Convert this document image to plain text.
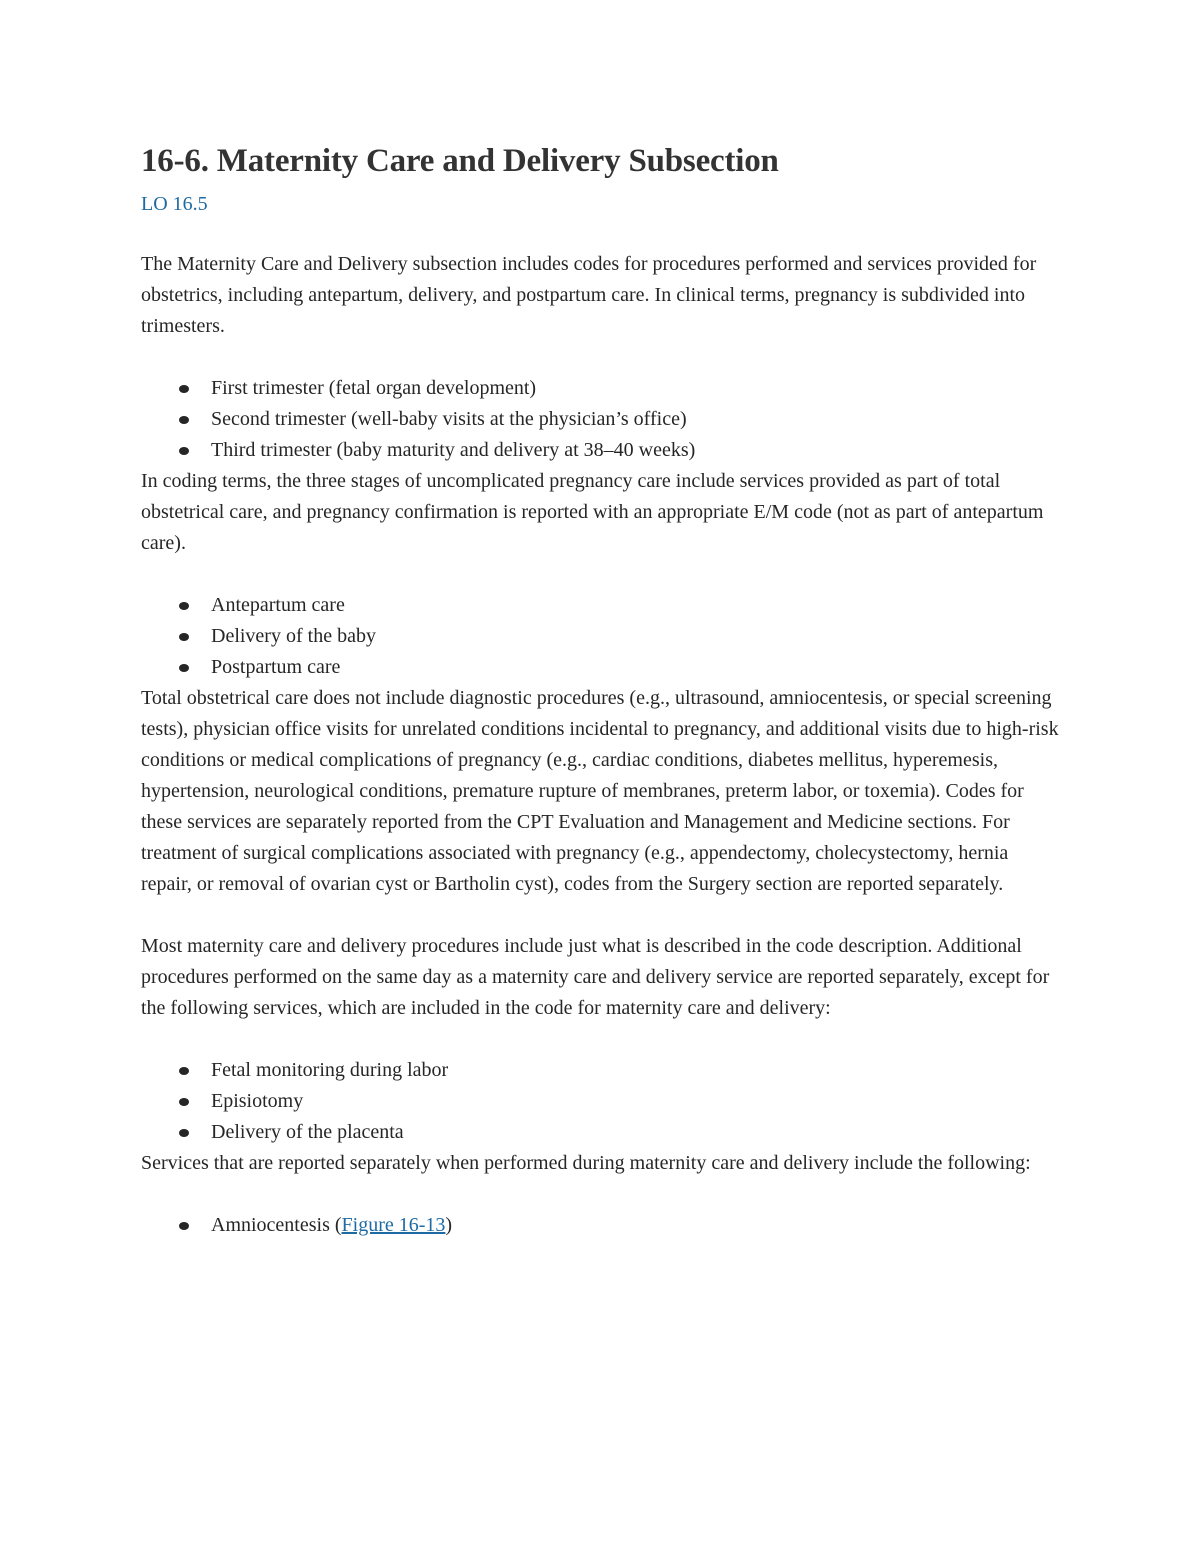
16-6. Maternity Care and Delivery Subsection
LO 16.5

The Maternity Care and Delivery subsection includes codes for procedures performed and services provided for obstetrics, including antepartum, delivery, and postpartum care. In clinical terms, pregnancy is subdivided into trimesters.

First trimester (fetal organ development)
Second trimester (well-baby visits at the physician’s office)
Third trimester (baby maturity and delivery at 38–40 weeks)

In coding terms, the three stages of uncomplicated pregnancy care include services provided as part of total obstetrical care, and pregnancy confirmation is reported with an appropriate E/M code (not as part of antepartum care).

Antepartum care
Delivery of the baby
Postpartum care

Total obstetrical care does not include diagnostic procedures (e.g., ultrasound, amniocentesis, or special screening tests), physician office visits for unrelated conditions incidental to pregnancy, and additional visits due to high-risk conditions or medical complications of pregnancy (e.g., cardiac conditions, diabetes mellitus, hyperemesis, hypertension, neurological conditions, premature rupture of membranes, preterm labor, or toxemia). Codes for these services are separately reported from the CPT Evaluation and Management and Medicine sections. For treatment of surgical complications associated with pregnancy (e.g., appendectomy, cholecystectomy, hernia repair, or removal of ovarian cyst or Bartholin cyst), codes from the Surgery section are reported separately.

Most maternity care and delivery procedures include just what is described in the code description. Additional procedures performed on the same day as a maternity care and delivery service are reported separately, except for the following services, which are included in the code for maternity care and delivery:

Fetal monitoring during labor
Episiotomy
Delivery of the placenta

Services that are reported separately when performed during maternity care and delivery include the following:

Amniocentesis (Figure 16-13)
